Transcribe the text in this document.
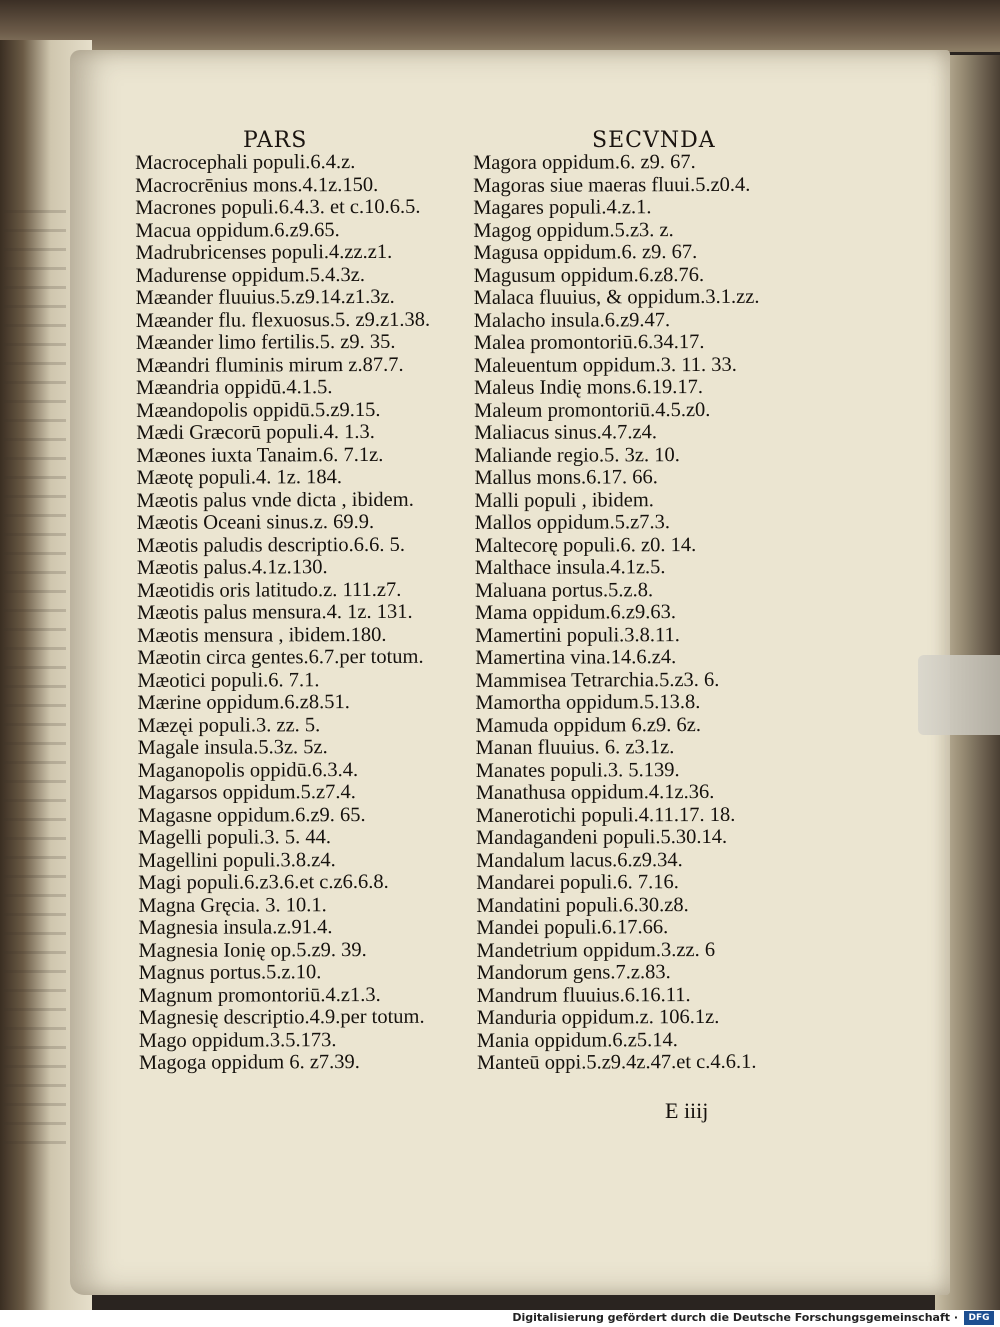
PARS	SECVNDA
Macrocephali populi.6.4.z.
Macrocrēnius mons.4.1z.150.
Macrones populi.6.4.3. et c.10.6.5.
Macua oppidum.6.z9.65.
Madrubricenses populi.4.zz.z1.
Madurense oppidum.5.4.3z.
Mæander fluuius.5.z9.14.z1.3z.
Mæander flu. flexuosus.5. z9.z1.38.
Mæander limo fertilis.5. z9. 35.
Mæandri fluminis mirum z.87.7.
Mæandria oppidū.4.1.5.
Mæandopolis oppidū.5.z9.15.
Mædi Græcorū populi.4. 1.3.
Mæones iuxta Tanaim.6. 7.1z.
Mæotę populi.4. 1z. 184.
Mæotis palus vnde dicta , ibidem.
Mæotis Oceani sinus.z. 69.9.
Mæotis paludis descriptio.6.6. 5.
Mæotis palus.4.1z.130.
Mæotidis oris latitudo.z. 111.z7.
Mæotis palus mensura.4. 1z. 131.
Mæotis mensura , ibidem.180.
Mæotin circa gentes.6.7.per totum.
Mæotici populi.6. 7.1.
Mærine oppidum.6.z8.51.
Mæzęi populi.3. zz. 5.
Magale insula.5.3z. 5z.
Maganopolis oppidū.6.3.4.
Magarsos oppidum.5.z7.4.
Magasne oppidum.6.z9. 65.
Magelli populi.3. 5. 44.
Magellini populi.3.8.z4.
Magi populi.6.z3.6.et c.z6.6.8.
Magna Gręcia. 3. 10.1.
Magnesia insula.z.91.4.
Magnesia Ionię op.5.z9. 39.
Magnus portus.5.z.10.
Magnum promontoriū.4.z1.3.
Magnesię descriptio.4.9.per totum.
Mago oppidum.3.5.173.
Magoga oppidum 6. z7.39.
Magora oppidum.6. z9. 67.
Magoras siue maeras fluui.5.z0.4.
Magares populi.4.z.1.
Magog oppidum.5.z3. z.
Magusa oppidum.6. z9. 67.
Magusum oppidum.6.z8.76.
Malaca fluuius, & oppidum.3.1.zz.
Malacho insula.6.z9.47.
Malea promontoriū.6.34.17.
Maleuentum oppidum.3. 11. 33.
Maleus Indię mons.6.19.17.
Maleum promontoriū.4.5.z0.
Maliacus sinus.4.7.z4.
Maliande regio.5. 3z. 10.
Mallus mons.6.17. 66.
Malli populi , ibidem.
Mallos oppidum.5.z7.3.
Maltecorę populi.6. z0. 14.
Malthace insula.4.1z.5.
Maluana portus.5.z.8.
Mama oppidum.6.z9.63.
Mamertini populi.3.8.11.
Mamertina vina.14.6.z4.
Mammisea Tetrarchia.5.z3. 6.
Mamortha oppidum.5.13.8.
Mamuda oppidum 6.z9. 6z.
Manan fluuius. 6. z3.1z.
Manates populi.3. 5.139.
Manathusa oppidum.4.1z.36.
Manerotichi populi.4.11.17. 18.
Mandagandeni populi.5.30.14.
Mandalum lacus.6.z9.34.
Mandarei populi.6. 7.16.
Mandatini populi.6.30.z8.
Mandei populi.6.17.66.
Mandetrium oppidum.3.zz. 6
Mandorum gens.7.z.83.
Mandrum fluuius.6.16.11.
Manduria oppidum.z. 106.1z.
Mania oppidum.6.z5.14.
Manteū oppi.5.z9.4z.47.et c.4.6.1.
E iiij
Digitalisierung gefördert durch die Deutsche Forschungsgemeinschaft ·	DFG
